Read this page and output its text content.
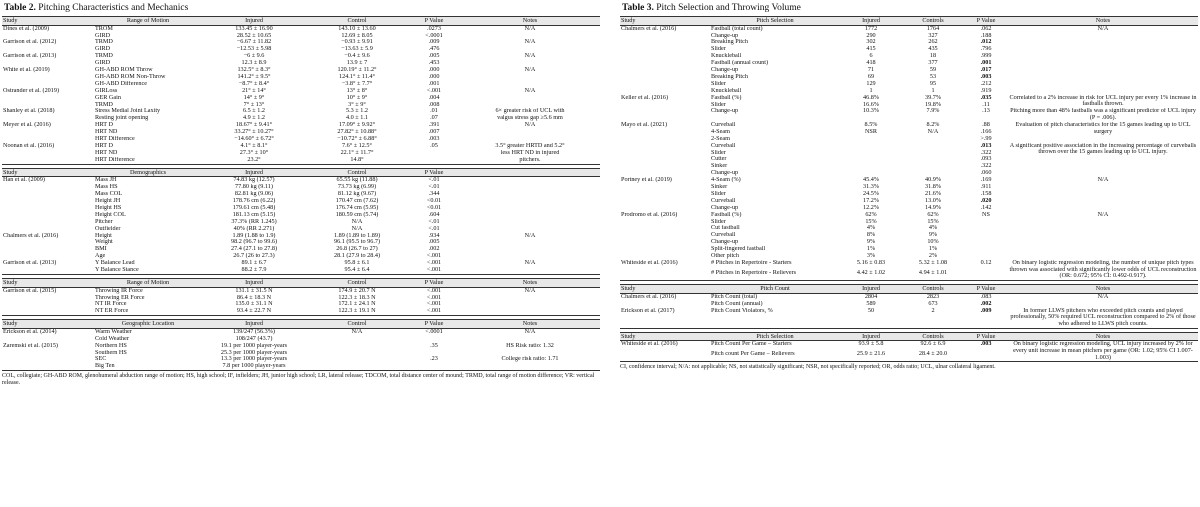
Table 2. Pitching Characteristics and Mechanics
Study	Range of Motion	Injured	Control	P Value	Notes
Dines et al. (2009)	TROM	133.45 ± 16.90	143.10 ± 13.60	.0273	N/A
	GIRD	28.52 ± 10.65	12.69 ± 8.05	<.0001	
Garrison et al. (2012)	TRMD	−6.67 ± 11.82	−0.93 ± 9.91	.009	N/A
	GIRD	−12.53 ± 5.98	−13.63 ± 5.9	.476	
Garrison et al. (2013)	TRMD	−6 ± 9.6	−0.4 ± 9.6	.005	N/A
	GIRD	12.3 ± 8.9	13.9 ± 7	.453	
White et al. (2019)	GH-ABD ROM Throw	132.5° ± 8.3°	120.19° ± 11.2°	.000	N/A
	GH-ABD ROM Non-Throw	141.2° ± 9.5°	124.1° ± 11.4°	.000	
	GH-ABD Difference	−8.7° ± 8.4°	−3.8° ± 7.7°	.001	
Ostrander et al. (2019)	GIRLoss	21° ± 14°	13° ± 8°	<.001	N/A
	GER Gain	14° ± 9°	10° ± 9°	.004	
	TRMD	7° ± 13°	3° ± 9°	.008	
Shanley et al. (2018)	Stress Medial Joint Laxity	6.5 ± 1.2	5.3 ± 1.2	.01	6× greater risk of UCL with
	Resting joint opening	4.9 ± 1.2	4.0 ± 1.1	.07	valgus stress gap ≥5.6 mm
Meyer et al. (2016)	HRT D	18.67° ± 9.41°	17.09° ± 9.92°	.391	N/A
	HRT ND	33.27° ± 10.27°	27.82° ± 10.88°	.007	
	HRT Difference	−14.60° ± 6.72°	−10.72° ± 6.88°	.003	
Noonan et al. (2016)	HRT D	4.1° ± 8.1°	7.6° ± 12.5°	.05	3.5° greater HRTD and 5.2°
	HRT ND	27.3° ± 10°	22.1° ± 11.7°		less HRT ND in injured
	HRT Difference	23.2°	14.8°		pitchers.

Study	Demographics	Injured	Control	P Value	
Han et al. (2009)	Mass JH	74.83 kg (12.57)	65.55 kg (11.88)	<.01	
	Mass HS	77.80 kg (9.11)	73.73 kg (6.99)	<.01	
	Mass COL	82.81 kg (9.06)	81.12 kg (9.67)	.344	
	Height JH	178.76 cm (6.22)	170.47 cm (7.62)	<0.01	
	Height HS	179.61 cm (5.48)	176.74 cm (5.95)	<0.01	
	Height COL	181.13 cm (5.15)	180.59 cm (5.74)	.604	
	Pitcher	37.3% (RR 1.245)	N/A	<.01	
	Outfielder	40% (RR 2.271)	N/A	<.01	
Chalmers et al. (2016)	Height	1.89 (1.88 to 1.9)	1.89 (1.89 to 1.89)	.934	N/A
	Weight	98.2 (96.7 to 99.6)	96.1 (95.5 to 96.7)	.005	
	BMI	27.4 (27.1 to 27.8)	26.8 (26.7 to 27)	.002	
	Age	26.7 (26 to 27.3)	28.1 (27.9 to 28.4)	<.001	
Garrison et al. (2013)	Y Balance Lead	89.1 ± 6.7	95.8 ± 6.1	<.001	N/A
	Y Balance Stance	88.2 ± 7.9	95.4 ± 6.4	<.001	

Study	Range of Motion	Injured	Control	P Value	Notes
Garrison et al. (2015)	Throwing IR Force	131.1 ± 31.5 N	174.9 ± 20.7 N	<.001	N/A
	Throwing ER Force	86.4 ± 18.3 N	122.3 ± 18.3 N	<.001	
	NT IR Force	135.0 ± 31.1 N	172.1 ± 24.1 N	<.001	
	NT ER Force	93.4 ± 22.7 N	122.3 ± 19.1 N	<.001	

Study	Geographic Location	Injured	Control	P Value	Notes
Erickson et al. (2014)	Warm Weather	139/247 (56.3%)	N/A	<.0001	N/A
	Cold Weather	108/247 (43.7)			
Zaremski et al. (2015)	Northern HS	19.1 per 1000 player-years		.35	HS Risk ratio: 1.32
	Southern HS	25.3 per 1000 player-years			
	SEC	13.3 per 1000 player-years		.23	College risk ratio: 1.71
	Big Ten	7.8 per 1000 player-years			
COL, collegiate; GH-ABD ROM, glenohumeral abduction range of motion; HS, high school; IF, infielders; JH, junior high school; LR, lateral release; TDCOM, total distance center of mound; TRMD, total range of motion difference; VR: vertical release.
Table 3. Pitch Selection and Throwing Volume
Study	Pitch Selection	Injured	Controls	P Value	Notes
Chalmers et al. (2016)	Fastball (total count)	1772	1764	.062	N/A
	Change-up	290	327	.188	
	Breaking Pitch	302	262	.012	
	Slider	415	435	.796	
	Knuckleball	6	18	.999	
	Fastball (annual count)	418	377	.001	
	Change-up	71	59	.017	
	Breaking Pitch	69	53	.003	
	Slider	129	95	.212	
	Knuckleball	1	1	.919	
Keller et al. (2016)	Fastball (%)	46.8%	39.7%	.035	Correlated to a 2% increase in risk for UCL injury per every 1% increase in fastballs thrown.
	Slider	16.6%	19.8%	.11	
	Change-up	10.3%	7.9%	.13	Pitching more than 48% fastballs was a significant predictor of UCL injury (P = .006).
Mayo et al. (2021)	Curveball	8.5%	8.2%	.88	Evaluation of pitch characteristics for the 15 games leading up to UCL surgery
	4-Seam	NSR	N/A	.166	
	2-Seam			>.99	
	Curveball			.013	A significant positive association in the increasing percentage of curveballs thrown over the 15 games leading up to UCL injury.
	Slider			.322	
	Cutter			.093	
	Sinker			.322	
	Change-up			.060	
Portney et al. (2019)	4-Seam (%)	45.4%	40.9%	.169	N/A
	Sinker	31.3%	31.8%	.911	
	Slider	24.5%	21.6%	.158	
	Curveball	17.2%	13.0%	.020	
	Change-up	12.2%	14.9%	.142	
Prodromo et al. (2016)	Fastball (%)	62%	62%	NS	N/A
	Slider	15%	15%		
	Cut fastball	4%	4%		
	Curveball	8%	9%		
	Change-up	9%	10%		
	Split-fingered fastball	1%	1%		
	Other pitch	3%	2%		
Whiteside et al. (2016)	# Pitches in Repertoire - Starters	5.16 ± 0.83	5.32 ± 1.08	0.12	On binary logistic regression modeling, the number of unique pitch types thrown was associated with significantly lower odds of UCL reconstruction (OR: 0.672; 95% CI: 0.492-0.917).
	# Pitches in Repertoire - Relievers	4.42 ± 1.02	4.94 ± 1.01		

Study	Pitch Count	Injured	Controls	P Value	Notes
Chalmers et al. (2016)	Pitch Count (total)	2804	2823	.083	N/A
	Pitch Count (annual)	589	673	.002	
Erickson et al. (2017)	Pitch Count Violators, %	50	2	.009	In former LLWS pitchers who exceeded pitch counts and played professionally, 50% required UCL reconstruction compared to 2% of those who adhered to LLWS pitch counts.

Study	Pitch Selection	Injured	Controls	P Value	Notes
Whiteside et al. (2016)	Pitch Count Per Game – Starters	93.9 ± 5.8	92.6 ± 6.9	.003	On binary logistic regression modeling, UCL injury increased by 2% for every unit increase in mean pitchers per game (OR: 1.02; 95% CI 1.007-1.003)
	Pitch count Per Game – Relievers	25.9 ± 21.6	28.4 ± 20.0		
CI, confidence interval; N/A: not applicable; NS, not statistically significant; NSR, not specifically reported; OR, odds ratio; UCL, ulnar collateral ligament.
